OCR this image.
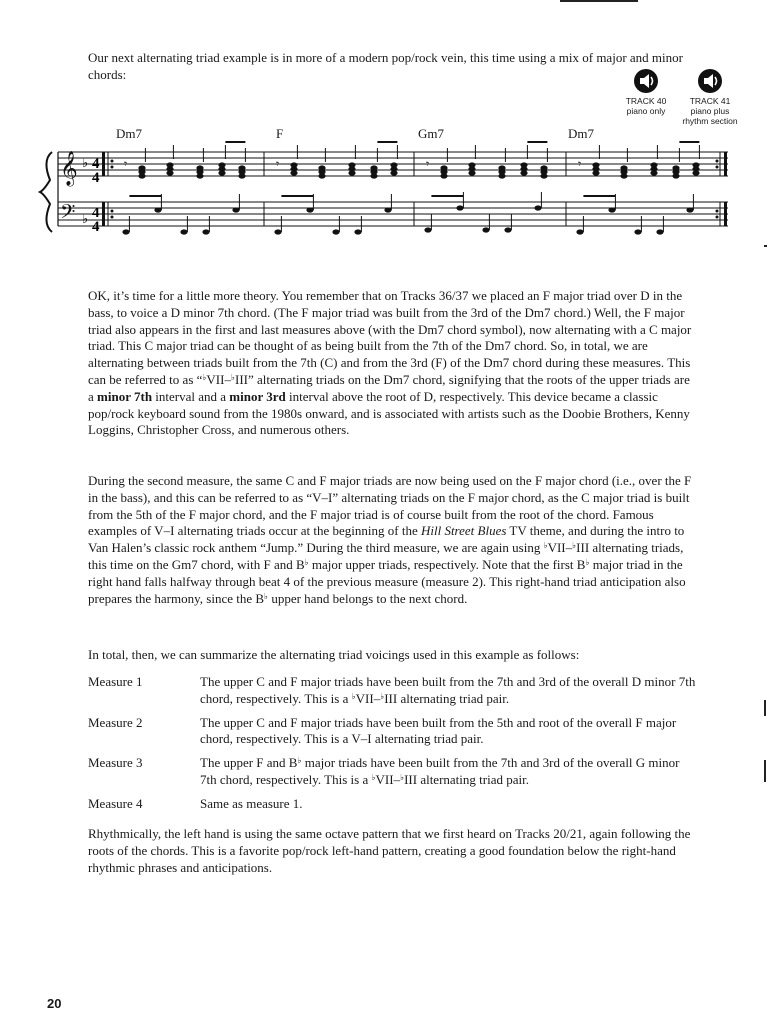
Our next alternating triad example is in more of a modern pop/rock vein, this time using a mix of major and minor chords:

TRACK 40
piano only
TRACK 41
piano plus
rhythm section
Dm7	F	Gm7	Dm7
𝄞
𝄢
♭
♭
𝄾	𝄾	𝄾	𝄾
4
4
4
4

OK, it’s time for a little more theory. You remember that on Tracks 36/37 we placed an F major triad over D in the bass, to voice a D minor 7th chord. (The F major triad was built from the 3rd of the Dm7 chord.) Well, the F major triad also appears in the first and last measures above (with the Dm7 chord symbol), now alternating with a C major triad. This C major triad can be thought of as being built from the 7th of the Dm7 chord. So, in total, we are alternating between triads built from the 7th (C) and from the 3rd (F) of the Dm7 chord during these measures. This can be referred to as “♭VII–♭III” alternating triads on the Dm7 chord, signifying that the roots of the upper triads are a minor 7th interval and a minor 3rd interval above the root of D, respectively. This device became a classic pop/rock keyboard sound from the 1980s onward, and is associated with artists such as the Doobie Brothers, Kenny Loggins, Christopher Cross, and numerous others.

During the second measure, the same C and F major triads are now being used on the F major chord (i.e., over the F in the bass), and this can be referred to as “V–I” alternating triads on the F major chord, as the C major triad is built from the 5th of the F major chord, and the F major triad is of course built from the root of the chord. Famous examples of V–I alternating triads occur at the beginning of the Hill Street Blues TV theme, and during the intro to Van Halen’s classic rock anthem “Jump.” During the third measure, we are again using ♭VII–♭III alternating triads, this time on the Gm7 chord, with F and B♭ major upper triads, respectively. Note that the first B♭ major triad in the right hand falls halfway through beat 4 of the previous measure (measure 2). This right-hand triad anticipation also prepares the harmony, since the B♭ upper hand belongs to the next chord.

In total, then, we can summarize the alternating triad voicings used in this example as follows:

Measure 1	The upper C and F major triads have been built from the 7th and 3rd of the overall D minor 7th chord, respectively. This is a ♭VII–♭III alternating triad pair.
Measure 2	The upper C and F major triads have been built from the 5th and root of the overall F major chord, respectively. This is a V–I alternating triad pair.
Measure 3	The upper F and B♭ major triads have been built from the 7th and 3rd of the overall G minor 7th chord, respectively. This is a ♭VII–♭III alternating triad pair.
Measure 4	Same as measure 1.

Rhythmically, the left hand is using the same octave pattern that we first heard on Tracks 20/21, again following the roots of the chords. This is a favorite pop/rock left-hand pattern, creating a good foundation below the right-hand rhythmic phrases and anticipations.

20
